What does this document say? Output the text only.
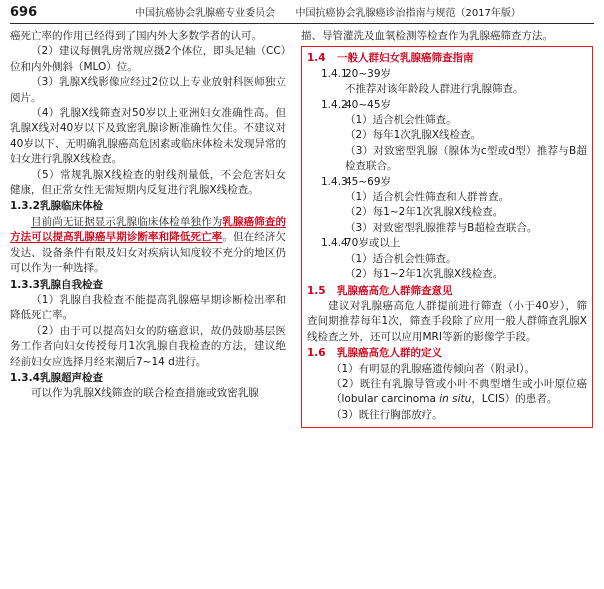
696	中国抗癌协会乳腺癌专业委员会 中国抗癌协会乳腺癌诊治指南与规范（2017年版）

癌死亡率的作用已经得到了国内外大多数学者的认可。

（2）建议每侧乳房常规应摄2个体位，即头足轴（CC）位和内外侧斜（MLO）位。

（3）乳腺X线影像应经过2位以上专业放射科医师独立阅片。

（4）乳腺X线筛查对50岁以上亚洲妇女准确性高。但乳腺X线对40岁以下及致密乳腺诊断准确性欠佳。不建议对40岁以下、无明确乳腺癌高危因素或临床体检未发现异常的妇女进行乳腺X线检查。

（5）常规乳腺X线检查的射线剂量低，不会危害妇女健康，但正常女性无需短期内反复进行乳腺X线检查。

1.3.2 乳腺临床体检

目前尚无证据显示乳腺临床体检单独作为乳腺癌筛查的方法可以提高乳腺癌早期诊断率和降低死亡率。但在经济欠发达、设备条件有限及妇女对疾病认知度较不充分的地区仍可以作为一种选择。

1.3.3 乳腺自我检查

（1）乳腺自我检查不能提高乳腺癌早期诊断检出率和降低死亡率。

（2）由于可以提高妇女的防癌意识，故仍鼓励基层医务工作者向妇女传授每月1次乳腺自我检查的方法，建议绝经前妇女应选择月经来潮后7~14 d进行。

1.3.4 乳腺超声检查

可以作为乳腺X线筛查的联合检查措施或致密乳腺

描、导管灌洗及血氧检测等检查作为乳腺癌筛查方法。

1.4	一般人群妇女乳腺癌筛查指南
1.4.1
20~39岁

不推荐对该年龄段人群进行乳腺筛查。

1.4.2
40~45岁

（1）适合机会性筛查。

（2）每年1次乳腺X线检查。

（3）对致密型乳腺（腺体为c型或d型）推荐与B超检查联合。

1.4.3
45~69岁

（1）适合机会性筛查和人群普查。

（2）每1~2年1次乳腺X线检查。

（3）对致密型乳腺推荐与B超检查联合。

1.4.4
70岁或以上

（1）适合机会性筛查。

（2）每1~2年1次乳腺X线检查。

1.5	乳腺癌高危人群筛查意见

建议对乳腺癌高危人群提前进行筛查（小于40岁），筛查间期推荐每年1次，筛查手段除了应用一般人群筛查乳腺X线检查之外，还可以应用MRI等新的影像学手段。

1.6	乳腺癌高危人群的定义

（1）有明显的乳腺癌遗传倾向者（附录Ⅰ）。

（2）既往有乳腺导管或小叶不典型增生或小叶原位癌（lobular carcinoma in situ，LCIS）的患者。

（3）既往行胸部放疗。
